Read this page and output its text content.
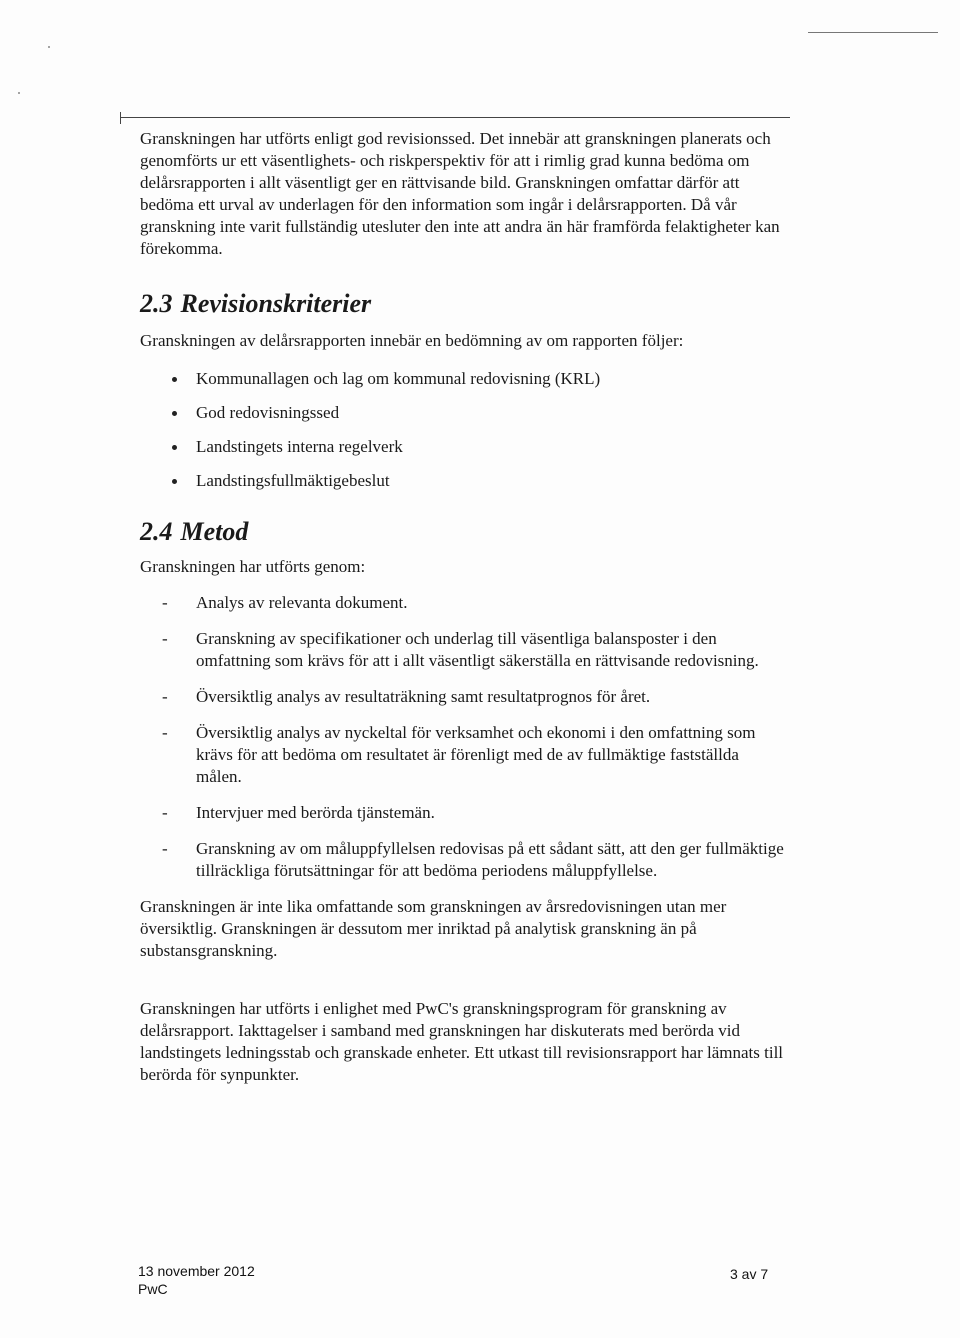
Granskningen har utförts enligt god revisionssed. Det innebär att granskningen planerats och genomförts ur ett väsentlighets- och riskperspektiv för att i rimlig grad kunna bedöma om delårsrapporten i allt väsentligt ger en rättvisande bild. Granskningen omfattar därför att bedöma ett urval av underlagen för den information som ingår i delårsrapporten. Då vår granskning inte varit fullständig utesluter den inte att andra än här framförda felaktigheter kan förekomma.

2.3 Revisionskriterier

Granskningen av delårsrapporten innebär en bedömning av om rapporten följer:

Kommunallagen och lag om kommunal redovisning (KRL)
God redovisningssed
Landstingets interna regelverk
Landstingsfullmäktigebeslut
2.4 Metod

Granskningen har utförts genom:

- Analys av relevanta dokument.
- Granskning av specifikationer och underlag till väsentliga balansposter i den omfattning som krävs för att i allt väsentligt säkerställa en rättvisande redovisning.
- Översiktlig analys av resultaträkning samt resultatprognos för året.
- Översiktlig analys av nyckeltal för verksamhet och ekonomi i den omfattning som krävs för att bedöma om resultatet är förenligt med de av fullmäktige fastställda målen.
- Intervjuer med berörda tjänstemän.
- Granskning av om måluppfyllelsen redovisas på ett sådant sätt, att den ger fullmäktige tillräckliga förutsättningar för att bedöma periodens måluppfyllelse.

Granskningen är inte lika omfattande som granskningen av årsredovisningen utan mer översiktlig. Granskningen är dessutom mer inriktad på analytisk granskning än på substansgranskning.

Granskningen har utförts i enlighet med PwC's granskningsprogram för granskning av delårsrapport. Iakttagelser i samband med granskningen har diskuterats med berörda vid landstingets ledningsstab och granskade enheter. Ett utkast till revisionsrapport har lämnats till berörda för synpunkter.

13 november 2012
PwC
3 av 7
